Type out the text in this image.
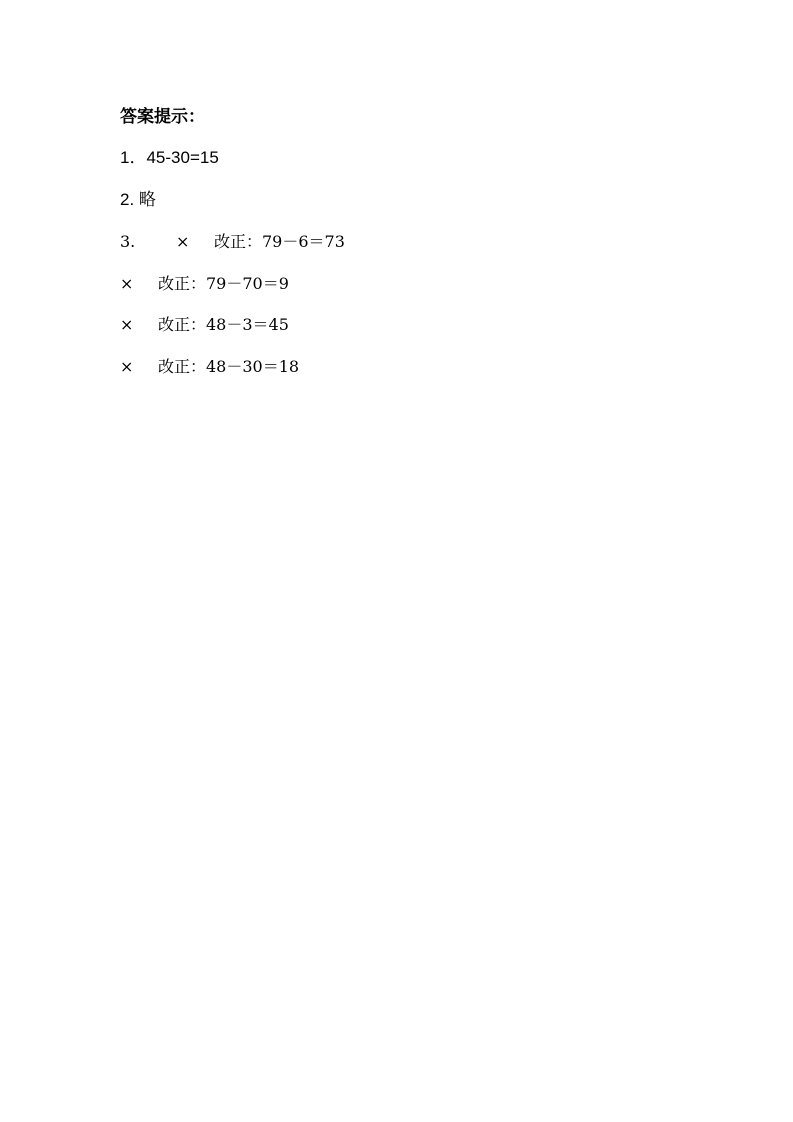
答案提示：
1．45-30=15
2. 略
3.	× 改正：79－6＝73
× 改正：79－70＝9
× 改正：48－3＝45
× 改正：48－30＝18
